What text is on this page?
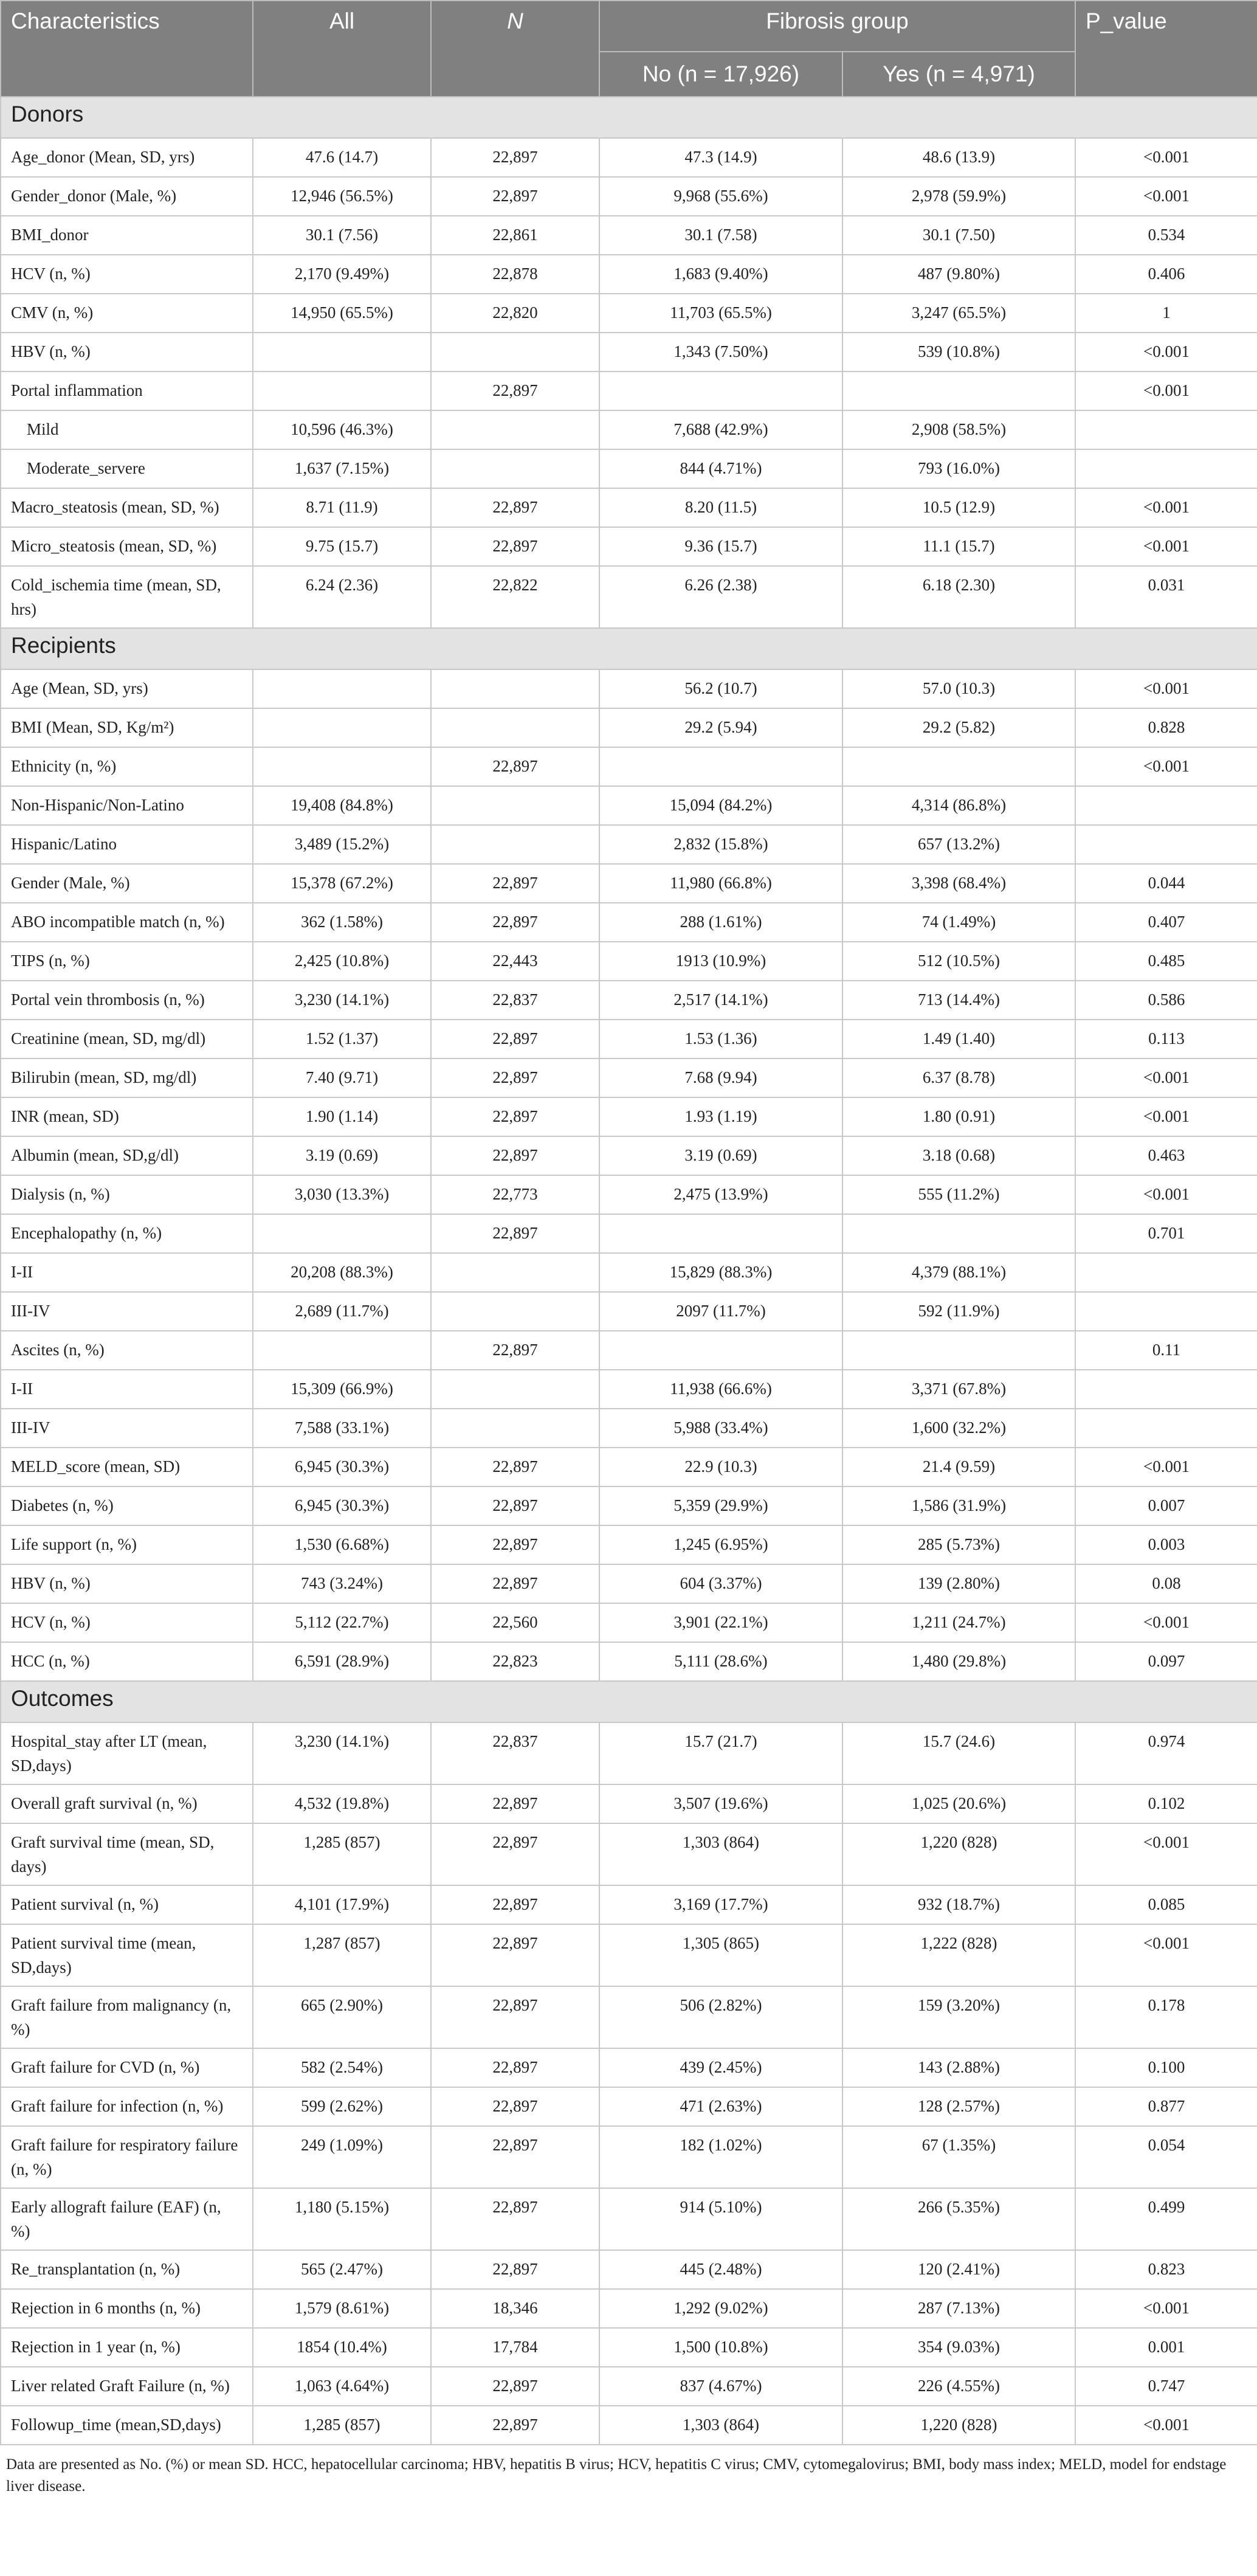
Characteristics	All	N	Fibrosis group		P_value
			No (n = 17,926)	Yes (n = 4,971)	
Donors					
Age_donor (Mean, SD, yrs)	47.6 (14.7)	22,897	47.3 (14.9)	48.6 (13.9)	<0.001
Gender_donor (Male, %)	12,946 (56.5%)	22,897	9,968 (55.6%)	2,978 (59.9%)	<0.001
BMI_donor	30.1 (7.56)	22,861	30.1 (7.58)	30.1 (7.50)	0.534
HCV (n, %)	2,170 (9.49%)	22,878	1,683 (9.40%)	487 (9.80%)	0.406
CMV (n, %)	14,950 (65.5%)	22,820	11,703 (65.5%)	3,247 (65.5%)	1
HBV (n, %)			1,343 (7.50%)	539 (10.8%)	<0.001
Portal inflammation		22,897			<0.001
Mild	10,596 (46.3%)		7,688 (42.9%)	2,908 (58.5%)	
Moderate_servere	1,637 (7.15%)		844 (4.71%)	793 (16.0%)	
Macro_steatosis (mean, SD, %)	8.71 (11.9)	22,897	8.20 (11.5)	10.5 (12.9)	<0.001
Micro_steatosis (mean, SD, %)	9.75 (15.7)	22,897	9.36 (15.7)	11.1 (15.7)	<0.001
Cold_ischemia time (mean, SD, hrs)	6.24 (2.36)	22,822	6.26 (2.38)	6.18 (2.30)	0.031
Recipients					
Age (Mean, SD, yrs)			56.2 (10.7)	57.0 (10.3)	<0.001
BMI (Mean, SD, Kg/m²)			29.2 (5.94)	29.2 (5.82)	0.828
Ethnicity (n, %)		22,897			<0.001
Non-Hispanic/Non-Latino	19,408 (84.8%)		15,094 (84.2%)	4,314 (86.8%)	
Hispanic/Latino	3,489 (15.2%)		2,832 (15.8%)	657 (13.2%)	
Gender (Male, %)	15,378 (67.2%)	22,897	11,980 (66.8%)	3,398 (68.4%)	0.044
ABO incompatible match (n, %)	362 (1.58%)	22,897	288 (1.61%)	74 (1.49%)	0.407
TIPS (n, %)	2,425 (10.8%)	22,443	1913 (10.9%)	512 (10.5%)	0.485
Portal vein thrombosis (n, %)	3,230 (14.1%)	22,837	2,517 (14.1%)	713 (14.4%)	0.586
Creatinine (mean, SD, mg/dl)	1.52 (1.37)	22,897	1.53 (1.36)	1.49 (1.40)	0.113
Bilirubin (mean, SD, mg/dl)	7.40 (9.71)	22,897	7.68 (9.94)	6.37 (8.78)	<0.001
INR (mean, SD)	1.90 (1.14)	22,897	1.93 (1.19)	1.80 (0.91)	<0.001
Albumin (mean, SD,g/dl)	3.19 (0.69)	22,897	3.19 (0.69)	3.18 (0.68)	0.463
Dialysis (n, %)	3,030 (13.3%)	22,773	2,475 (13.9%)	555 (11.2%)	<0.001
Encephalopathy (n, %)		22,897			0.701
I-II	20,208 (88.3%)		15,829 (88.3%)	4,379 (88.1%)	
III-IV	2,689 (11.7%)		2097 (11.7%)	592 (11.9%)	
Ascites (n, %)		22,897			0.11
I-II	15,309 (66.9%)		11,938 (66.6%)	3,371 (67.8%)	
III-IV	7,588 (33.1%)		5,988 (33.4%)	1,600 (32.2%)	
MELD_score (mean, SD)	6,945 (30.3%)	22,897	22.9 (10.3)	21.4 (9.59)	<0.001
Diabetes (n, %)	6,945 (30.3%)	22,897	5,359 (29.9%)	1,586 (31.9%)	0.007
Life support (n, %)	1,530 (6.68%)	22,897	1,245 (6.95%)	285 (5.73%)	0.003
HBV (n, %)	743 (3.24%)	22,897	604 (3.37%)	139 (2.80%)	0.08
HCV (n, %)	5,112 (22.7%)	22,560	3,901 (22.1%)	1,211 (24.7%)	<0.001
HCC (n, %)	6,591 (28.9%)	22,823	5,111 (28.6%)	1,480 (29.8%)	0.097
Outcomes					
Hospital_stay after LT (mean, SD,days)	3,230 (14.1%)	22,837	15.7 (21.7)	15.7 (24.6)	0.974
Overall graft survival (n, %)	4,532 (19.8%)	22,897	3,507 (19.6%)	1,025 (20.6%)	0.102
Graft survival time (mean, SD, days)	1,285 (857)	22,897	1,303 (864)	1,220 (828)	<0.001
Patient survival (n, %)	4,101 (17.9%)	22,897	3,169 (17.7%)	932 (18.7%)	0.085
Patient survival time (mean, SD,days)	1,287 (857)	22,897	1,305 (865)	1,222 (828)	<0.001
Graft failure from malignancy (n, %)	665 (2.90%)	22,897	506 (2.82%)	159 (3.20%)	0.178
Graft failure for CVD (n, %)	582 (2.54%)	22,897	439 (2.45%)	143 (2.88%)	0.100
Graft failure for infection (n, %)	599 (2.62%)	22,897	471 (2.63%)	128 (2.57%)	0.877
Graft failure for respiratory failure (n, %)	249 (1.09%)	22,897	182 (1.02%)	67 (1.35%)	0.054
Early allograft failure (EAF) (n, %)	1,180 (5.15%)	22,897	914 (5.10%)	266 (5.35%)	0.499
Re_transplantation (n, %)	565 (2.47%)	22,897	445 (2.48%)	120 (2.41%)	0.823
Rejection in 6 months (n, %)	1,579 (8.61%)	18,346	1,292 (9.02%)	287 (7.13%)	<0.001
Rejection in 1 year (n, %)	1854 (10.4%)	17,784	1,500 (10.8%)	354 (9.03%)	0.001
Liver related Graft Failure (n, %)	1,063 (4.64%)	22,897	837 (4.67%)	226 (4.55%)	0.747
Followup_time (mean,SD,days)	1,285 (857)	22,897	1,303 (864)	1,220 (828)	<0.001
Data are presented as No. (%) or mean SD. HCC, hepatocellular carcinoma; HBV, hepatitis B virus; HCV, hepatitis C virus; CMV, cytomegalovirus; BMI, body mass index; MELD, model for endstage liver disease.
